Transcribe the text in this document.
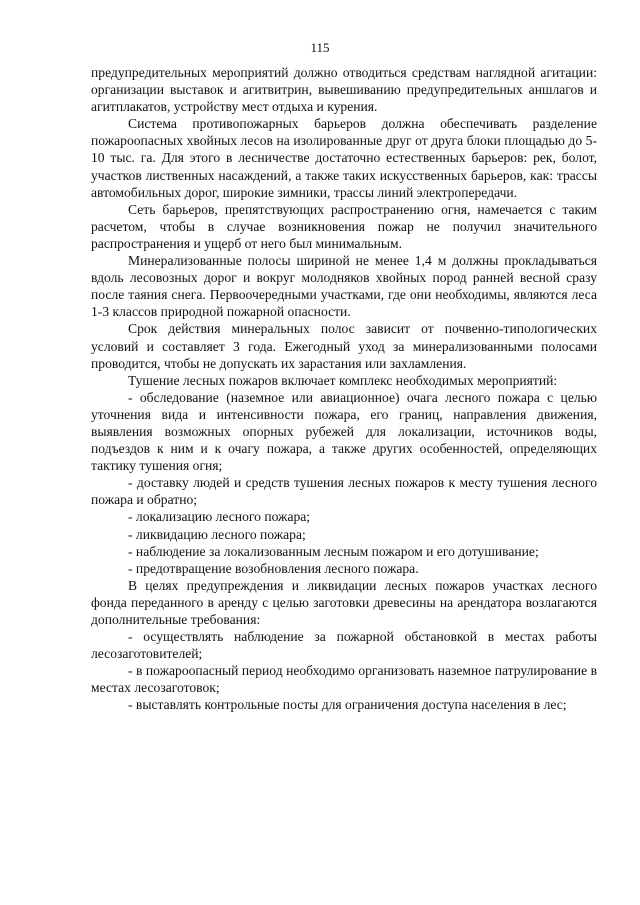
115

предупредительных мероприятий должно отводиться средствам наглядной агитации: организации выставок и агитвитрин, вывешиванию предупредительных аншлагов и агитплакатов, устройству мест отдыха и курения.

Система противопожарных барьеров должна обеспечивать разделение пожароопасных хвойных лесов на изолированные друг от друга блоки площадью до 5-10 тыс. га. Для этого в лесничестве достаточно естественных барьеров: рек, болот, участков лиственных насаждений, а также таких искусственных барьеров, как: трассы автомобильных дорог, широкие зимники, трассы линий электропередачи.

Сеть барьеров, препятствующих распространению огня, намечается с таким расчетом, чтобы в случае возникновения пожар не получил значительного распространения и ущерб от него был минимальным.

Минерализованные полосы шириной не менее 1,4 м должны прокладываться вдоль лесовозных дорог и вокруг молодняков хвойных пород ранней весной сразу после таяния снега. Первоочередными участками, где они необходимы, являются леса 1-3 классов природной пожарной опасности.

Срок действия минеральных полос зависит от почвенно-типологических условий и составляет 3 года. Ежегодный уход за минерализованными полосами проводится, чтобы не допускать их зарастания или захламления.

Тушение лесных пожаров включает комплекс необходимых мероприятий:

- обследование (наземное или авиационное) очага лесного пожара с целью уточнения вида и интенсивности пожара, его границ, направления движения, выявления возможных опорных рубежей для локализации, источников воды, подъездов к ним и к очагу пожара, а также других особенностей, определяющих тактику тушения огня;

- доставку людей и средств тушения лесных пожаров к месту тушения лесного пожара и обратно;

- локализацию лесного пожара;

- ликвидацию лесного пожара;

- наблюдение за локализованным лесным пожаром и его дотушивание;

- предотвращение возобновления лесного пожара.

В целях предупреждения и ликвидации лесных пожаров участках лесного фонда переданного в аренду с целью заготовки древесины на арендатора возлагаются дополнительные требования:

- осуществлять наблюдение за пожарной обстановкой в местах работы лесозаготовителей;

- в пожароопасный период необходимо организовать наземное патрулирование в местах лесозаготовок;

- выставлять контрольные посты для ограничения доступа населения в лес;
